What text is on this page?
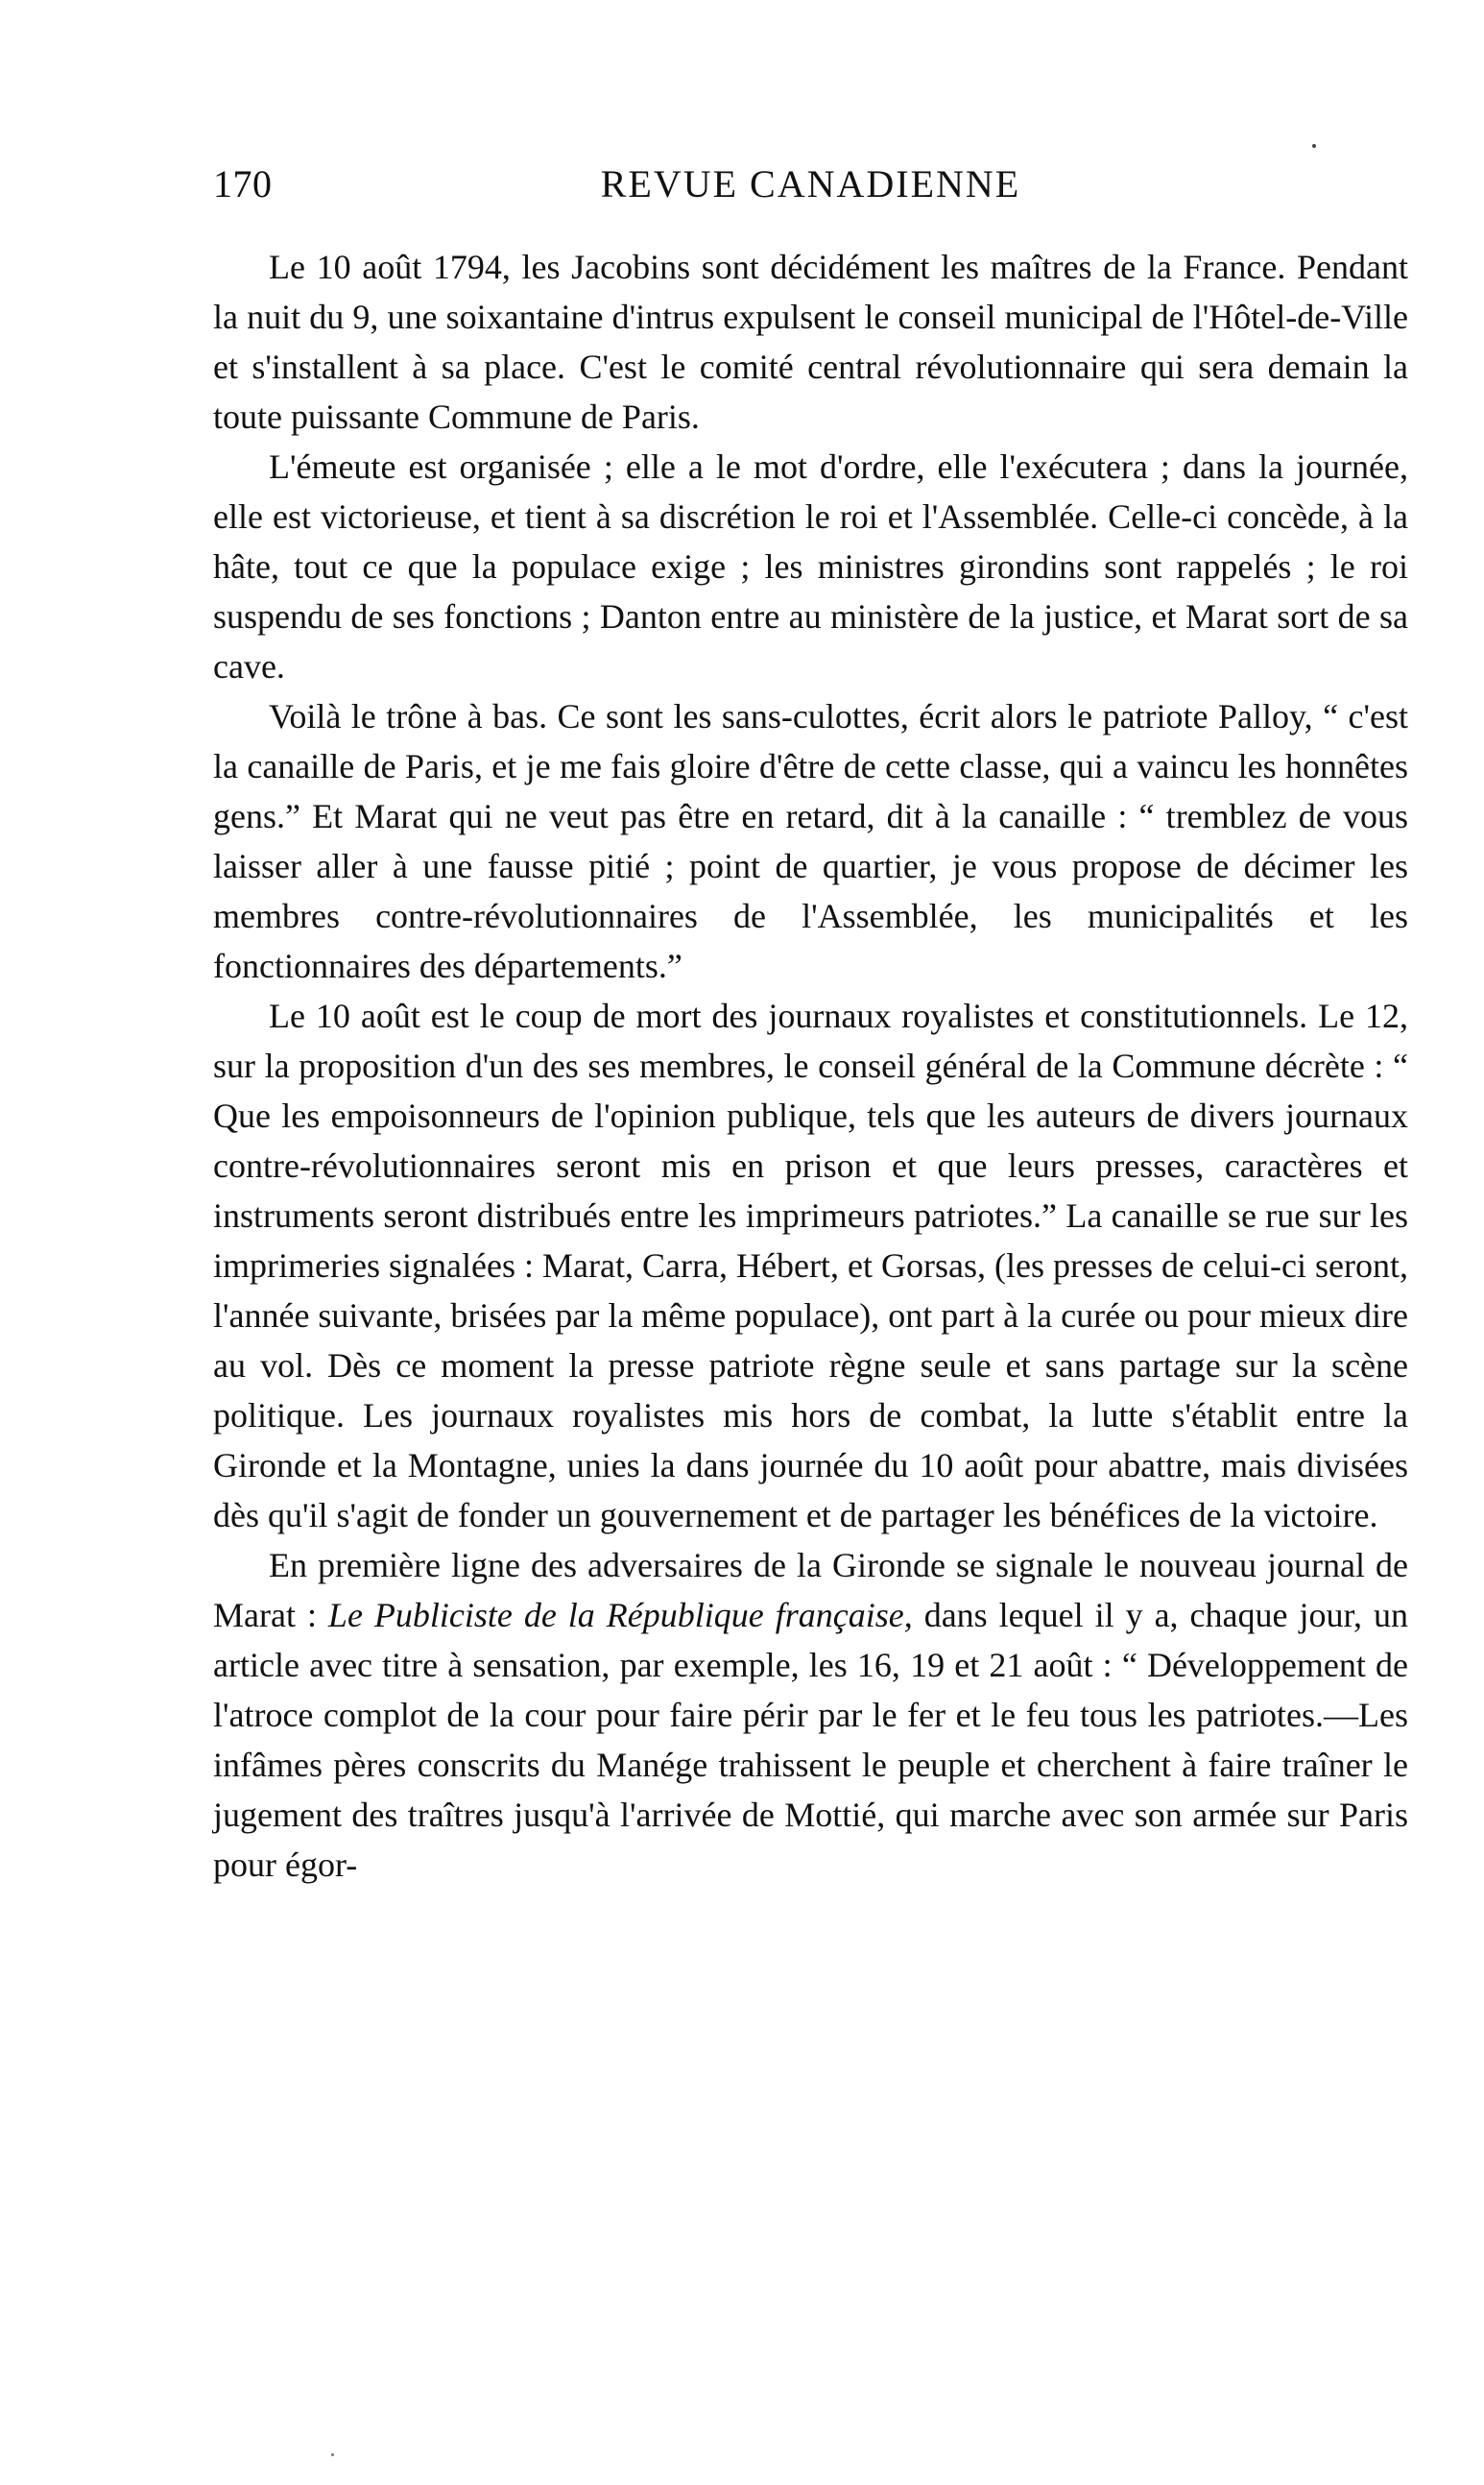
170	REVUE CANADIENNE

Le 10 août 1794, les Jacobins sont décidément les maîtres de la France. Pendant la nuit du 9, une soixantaine d'intrus expulsent le conseil municipal de l'Hôtel-de-Ville et s'installent à sa place. C'est le comité central révolutionnaire qui sera demain la toute puissante Commune de Paris.

L'émeute est organisée ; elle a le mot d'ordre, elle l'exécutera ; dans la journée, elle est victorieuse, et tient à sa discrétion le roi et l'Assemblée. Celle-ci concède, à la hâte, tout ce que la populace exige ; les ministres girondins sont rappelés ; le roi suspendu de ses fonctions ; Danton entre au ministère de la justice, et Marat sort de sa cave.

Voilà le trône à bas. Ce sont les sans-culottes, écrit alors le patriote Palloy, “ c'est la canaille de Paris, et je me fais gloire d'être de cette classe, qui a vaincu les honnêtes gens.” Et Marat qui ne veut pas être en retard, dit à la canaille : “ tremblez de vous laisser aller à une fausse pitié ; point de quartier, je vous propose de décimer les membres contre-révolutionnaires de l'Assemblée, les municipalités et les fonctionnaires des départements.”

Le 10 août est le coup de mort des journaux royalistes et constitutionnels. Le 12, sur la proposition d'un des ses membres, le conseil général de la Commune décrète : “ Que les empoisonneurs de l'opinion publique, tels que les auteurs de divers journaux contre-révolutionnaires seront mis en prison et que leurs presses, caractères et instruments seront distribués entre les imprimeurs patriotes.” La canaille se rue sur les imprimeries signalées : Marat, Carra, Hébert, et Gorsas, (les presses de celui-ci seront, l'année suivante, brisées par la même populace), ont part à la curée ou pour mieux dire au vol. Dès ce moment la presse patriote règne seule et sans partage sur la scène politique. Les journaux royalistes mis hors de combat, la lutte s'établit entre la Gironde et la Montagne, unies la dans journée du 10 août pour abattre, mais divisées dès qu'il s'agit de fonder un gouvernement et de partager les bénéfices de la victoire.

En première ligne des adversaires de la Gironde se signale le nouveau journal de Marat : Le Publiciste de la République française, dans lequel il y a, chaque jour, un article avec titre à sensation, par exemple, les 16, 19 et 21 août : “ Développement de l'atroce complot de la cour pour faire périr par le fer et le feu tous les patriotes.—Les infâmes pères conscrits du Manége trahissent le peuple et cherchent à faire traîner le jugement des traîtres jusqu'à l'arrivée de Mottié, qui marche avec son armée sur Paris pour égor-
